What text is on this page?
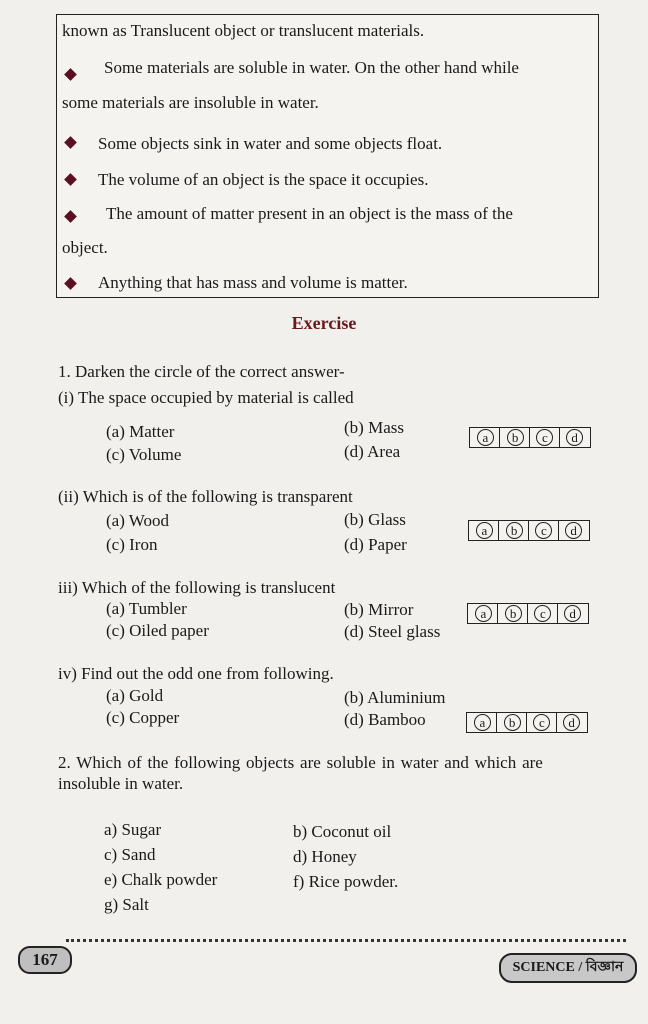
known as Translucent object or translucent materials.
Some materials are soluble in water. On the other hand while
some materials are insoluble in water.
Some objects sink in water and some objects float.
The volume of an object is the space it occupies.
The amount of matter present in an object is the mass of the
object.
Anything that has mass and volume is matter.
Exercise
1. Darken the circle of the correct answer-
(i) The space occupied by material is called
(a) Matter	(b) Mass
(c) Volume	(d) Area
a	b	c	d
(ii) Which is of the following is transparent
(a) Wood	(b) Glass
(c) Iron	(d) Paper
a	b	c	d
iii) Which of the following is translucent
(a) Tumbler	(b) Mirror
(c) Oiled paper	(d) Steel glass
a	b	c	d
iv) Find out the odd one from following.
(a) Gold	(b) Aluminium
(c) Copper	(d) Bamboo	a	b	c	d
2. Which of the following objects are soluble in water and which are
insoluble in water.
a) Sugar	b) Coconut oil
c) Sand	d) Honey
e) Chalk powder	f) Rice powder.
g) Salt
167	SCIENCE / বিজ্ঞান
